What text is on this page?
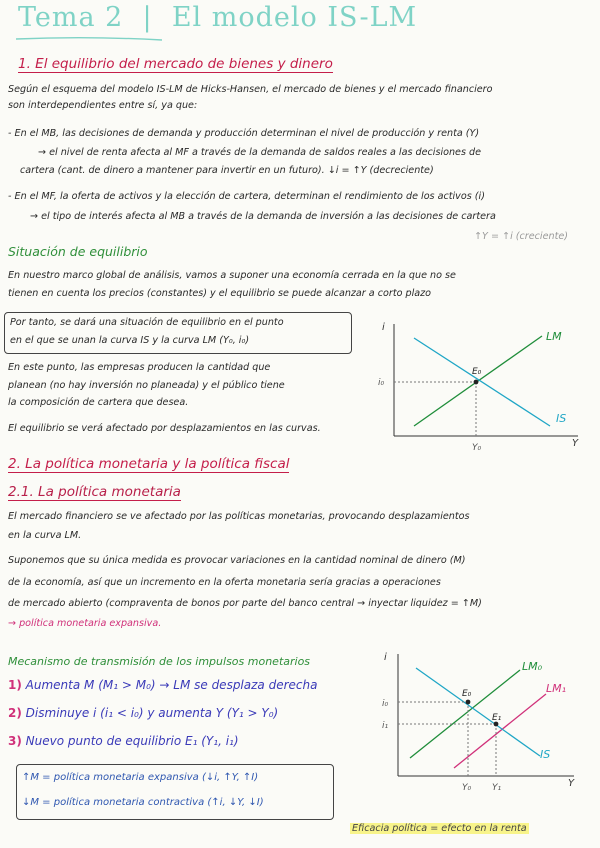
Tema 2  |  El modelo IS-LM
1. El equilibrio del mercado de bienes y dinero
Según el esquema del modelo IS-LM de Hicks-Hansen, el mercado de bienes y el mercado financiero
son interdependientes entre sí, ya que:
- En el MB, las decisiones de demanda y producción determinan el nivel de producción y renta (Y)
→ el nivel de renta afecta al MF a través de la demanda de saldos reales a las decisiones de
cartera (cant. de dinero a mantener para invertir en un futuro). ↓i = ↑Y (decreciente)
- En el MF, la oferta de activos y la elección de cartera, determinan el rendimiento de los activos (i)
→ el tipo de interés afecta al MB a través de la demanda de inversión a las decisiones de cartera
↑Y = ↑i (creciente)
Situación de equilibrio
En nuestro marco global de análisis, vamos a suponer una economía cerrada en la que no se
tienen en cuenta los precios (constantes) y el equilibrio se puede alcanzar a corto plazo
Por tanto, se dará una situación de equilibrio en el punto
en el que se unan la curva IS y la curva LM (Y₀, i₀)
En este punto, las empresas producen la cantidad que
planean (no hay inversión no planeada) y el público tiene
la composición de cartera que desea.
El equilibrio se verá afectado por desplazamientos en las curvas.
i
Y
LM
IS
E₀
i₀
Y₀
2. La política monetaria y la política fiscal
2.1. La política monetaria
El mercado financiero se ve afectado por las políticas monetarias, provocando desplazamientos
en la curva LM.
Suponemos que su única medida es provocar variaciones en la cantidad nominal de dinero (M)
de la economía, así que un incremento en la oferta monetaria sería gracias a operaciones
de mercado abierto (compraventa de bonos por parte del banco central → inyectar liquidez = ↑M)
→ política monetaria expansiva.
Mecanismo de transmisión de los impulsos monetarios
1) Aumenta M (M₁ > M₀) → LM se desplaza derecha
2) Disminuye i (i₁ < i₀) y aumenta Y (Y₁ > Y₀)
3) Nuevo punto de equilibrio E₁ (Y₁, i₁)
↑M = política monetaria expansiva (↓i, ↑Y, ↑I)
↓M = política monetaria contractiva (↑i, ↓Y, ↓I)
i
Y
LM₀
LM₁
IS
E₀
E₁
i₀
i₁
Y₀ Y₁
Eficacia política = efecto en la renta
